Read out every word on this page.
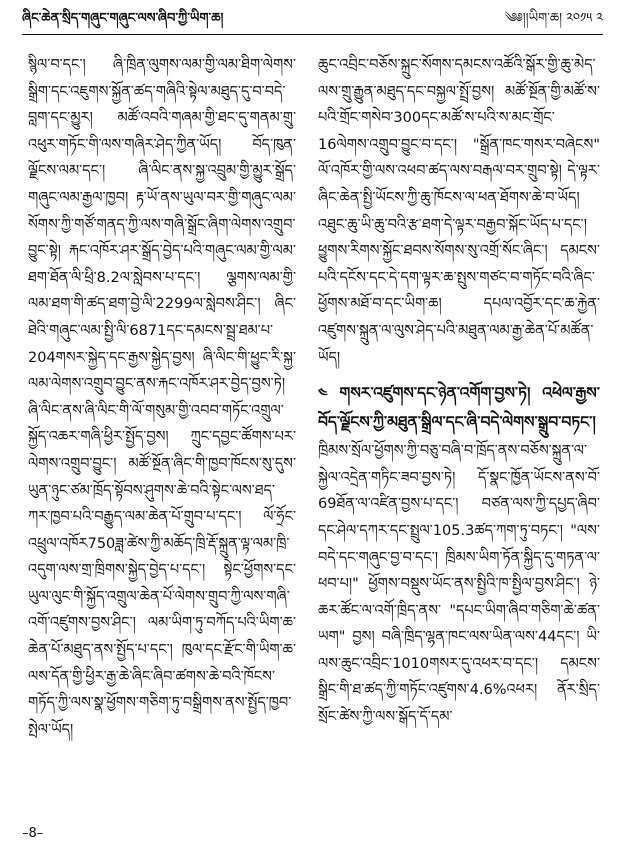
ཞིང་ཆེན་སྲིད་གཞུང་གཞུང་ལས་ཞིབ་ཀྱི་ཡིག་ཆ།	༄༅།།ཡིག་ཆ། ༢༠༡༥ ༢

སྙིལ་བ་དང་། ཞི་ཁྲིན་ལུགས་ལམ་གྱི་ལམ་ཐིག་ལེགས་སྒྲིག་དང་འཇུགས་སྐྱོན་ཚད་གཞིའི་སྟེལ་མཐུད་དུ་བ་བདེ་བླག་དང་མྱུར། མཚོ་འབའི་གཞམ་གྱི་ཐང་དུ་གནམ་གྲུ་འཕུར་གཏོང་གི་ལས་གཞིར་ཤེད་ཀྱིན་ཡོད། བོད་ཁུན་ལྗོངས་ལམ་དང་། ཞི་ལིང་ནས་སྐྱ་འབྲུམ་གྱི་མྱུར་སྒྲོད་གཞུང་ལམ་རྒྱལ་ཁྱབ། རྟ་ཡོ་ནས་ཡུལ་བར་གྱི་གཞུང་ལམ་སོགས་ཀྱི་གཙོ་གནད་ཀྱི་ལས་གཞི་སྒྲོང་ཞིག་ལེགས་འགྲུབ་བྱུང་སྟེ། རྐང་འཁོར་ཤར་སྒྲོད་བྱེད་པའི་གཞུང་ལམ་གྱི་ལམ་ཐག་ཐོན་ལི་ཕྲི་8.2ལ་སླེབས་པ་དང་། ལྕགས་ལམ་གྱི་ལམ་ཐག་གི་ཚད་ཐག་བྱེ་ལི་2299ལ་སླེབས་ཤིང་། ཞིང་ཐེའི་གཞུང་ལམ་སྤྱི་ལི་6871དང་དམངས་སྦྲ་ཐམ་པ་204གསར་སྐྱེད་དང་རྒྱས་སྐྱེད་བྱས། ཞི་ལིང་གི་ཕྱུང་རི་སྐྱ་ལམ་ལེགས་འགྲུབ་བྱུང་ནས་རྐང་འཁོར་ཤར་བྱེད་བྱས་ཏེ། ཞི་ལིང་ནས་ཞི་ལིང་གི་ལོ་གསུམ་གྱི་འབབ་གཏོང་འགྲུལ་སྐྱོད་འཆར་གཞི་ཕྱིར་སྤྱོད་བྱས། ཀྲུང་དབྱང་ཚོགས་པར་ལེགས་འགྲུབ་བྱུང་། མཚོ་སྔོན་ཞིང་གི་ཁྱབ་ཁོངས་སུ་དུས་ཡུན་ཉུང་ཙམ་ཁྲོད་སྟོབས་ཤུགས་ཆེ་བའི་སྟེང་ལས་ཐད་ཀར་ཁྱབ་པའི་བརྒྱུད་ལམ་ཆེན་པོ་གྲུབ་པ་དང་། ལོ་ཧྲོང་འཕྲུལ་འཁོར750ཟླ་ཚེས་ཀྱི་མཆོད་ཁྲི་རྡོ་སྐྲུན་ལྟ་ལམ་ཁྲི་འདུག་ལས་གྲ་ཁྲིགས་སྐྱེད་བྱེད་པ་དང་། སྟེང་ཕྱོགས་དང་ཡུལ་ལུང་གི་སྐྱོད་འགྲུལ་ཆེན་པོ་ལེགས་གྲུབ་ཀྱི་ལས་གཞི་འགོ་འཛུགས་བྱས་ཤིང་། ལམ་ཡིག་ཏུ་བཀོད་པའི་ཡིག་ཆ་ཆེན་པོ་མཐུད་ནས་སྤྱོད་པ་དང་། ཁུལ་དང་རྫོང་གི་ཡིག་ཆ་ལས་དོན་གྱི་ཕྱིར་རྒྱ་ཆེ་ཞིང་ཞིབ་ཚགས་ཆེ་བའི་ཁོངས་གཏོད་ཀྱི་ལས་སྣ་ཕྱོགས་གཅིག་ཏུ་བསྒྲིགས་ནས་སྤྱོད་ཁྱབ་སྤེལ་ཡོད།

ཆུང་འབྲིང་བཅོས་སྐྲུང་སོགས་དམངས་འཚོའི་སྒོར་གྱི་ཆུ་མེད་ལས་གྲུ་རྒྱུན་མཐུད་དང་བསྐྱལ་སྤྲོ་བྱས། མཚོ་སྔོན་གྱི་མཚོ་ས་པའི་གྲོང་གསེབ་300དང་མཚོ་ས་པའི་ས་མང་གྲོང་16ལེགས་འགྲུབ་བྱུང་བ་དང་། "སྒྲོན་ཁང་གསར་བཞེངས" ལོ་འཁོར་གྱི་ལས་འཕབ་ཚད་ལས་བརྒལ་བར་གྲུབ་སྟེ། དེ་ལྟར་ཞིང་ཆེན་སྤྱི་ཡོངས་ཀྱི་ཆུ་ཁོངས་ལ་ཕན་ཐོགས་ཆེ་བ་ཡོད། འཐུང་ཆུ་ཡི་ཆུ་བའི་རྩ་ཐག་དེ་ལྟར་བརྒྱབ་སྐོང་ཡོད་པ་དང་། ཕྱུགས་རིགས་སྐྱོང་ཐབས་སོགས་སུ་འགྲོ་སོང་ཞིང་། དམངས་པའི་དངོས་དང་དེ་དག་ལྟར་ཆ་སྤུས་གཙང་བ་གཏོང་བའི་ཞིང་ཕྱོགས་མཐོ་བ་དང་ཡིག་ཆ། དཔལ་འབྱོར་དང་ཆ་རྐྱེན་འཛུགས་སྐྲུན་ལ་ལུས་ཤེད་པའི་མཐུན་ལམ་རྒྱ་ཆེན་པོ་མཚོན་ཡོད།

༤ གསར་འཛུགས་དང་ཉེན་འགོག་བྱས་ཏེ། འཕེལ་རྒྱས་བོད་ལྗོངས་ཀྱི་མཐུན་སྒྲིལ་དང་ཞི་བདེ་ལེགས་སྒྲུབ་བཏང་།

ཁྲིམས་སྲོལ་ཕྱོགས་ཀྱི་བཅུ་བཞི་བ་ཁྲོད་ནས་བཅོས་སྐྲུན་ལ་སྐྱེལ་འདྲེན་གཏིང་ཟབ་བྱས་ཏེ། དོ་སྣང་ཁྱོན་ཡོངས་ནས་བོ་69ཐོན་ལ་འཛིན་བྱས་པ་དང་། བཙན་ལས་ཀྱི་དཔྱད་ཞིབ་དང་ཤེལ་དཀར་དང་སྤྲུལ་105.3ཚད་ཀག་ཏུ་བཏང་། "ལས་བདེ་དང་གཞུང་བྱ་བ་དང་། ཁྲིམས་ཡིག་ཏོན་སྐྱིད་དུ་གཏན་ལ་ཕབ་པ།" ཕྱོགས་བསྡུས་ཡོང་ནས་སྤྱིའི་ཁ་སྤྱིལ་བྱས་ཤིང་། ཉེ་ཆར་ཚོང་ལ་འགོ་ཁྲིད་ནས་ "དཔང་ཡིག་ཞིབ་གཅིག་ཆེ་ཚན་ཡག" བྱས། བཞི་ཁྲིད་ལྷན་ཁང་ལས་ཡིན་ལས་44དང་། ཡི་ལས་ཆུང་འབྲིང་1010གསར་དུ་འཕར་བ་དང་། དམངས་སྒྲིང་གི་ཐ་ཚད་ཀྱི་གཏོང་འཛུགས་4.6%འཕར། ནོར་སྲིད་སྲོང་ཚེས་ཀྱི་ལས་སྒོད་དོ་དམ་

–8–
